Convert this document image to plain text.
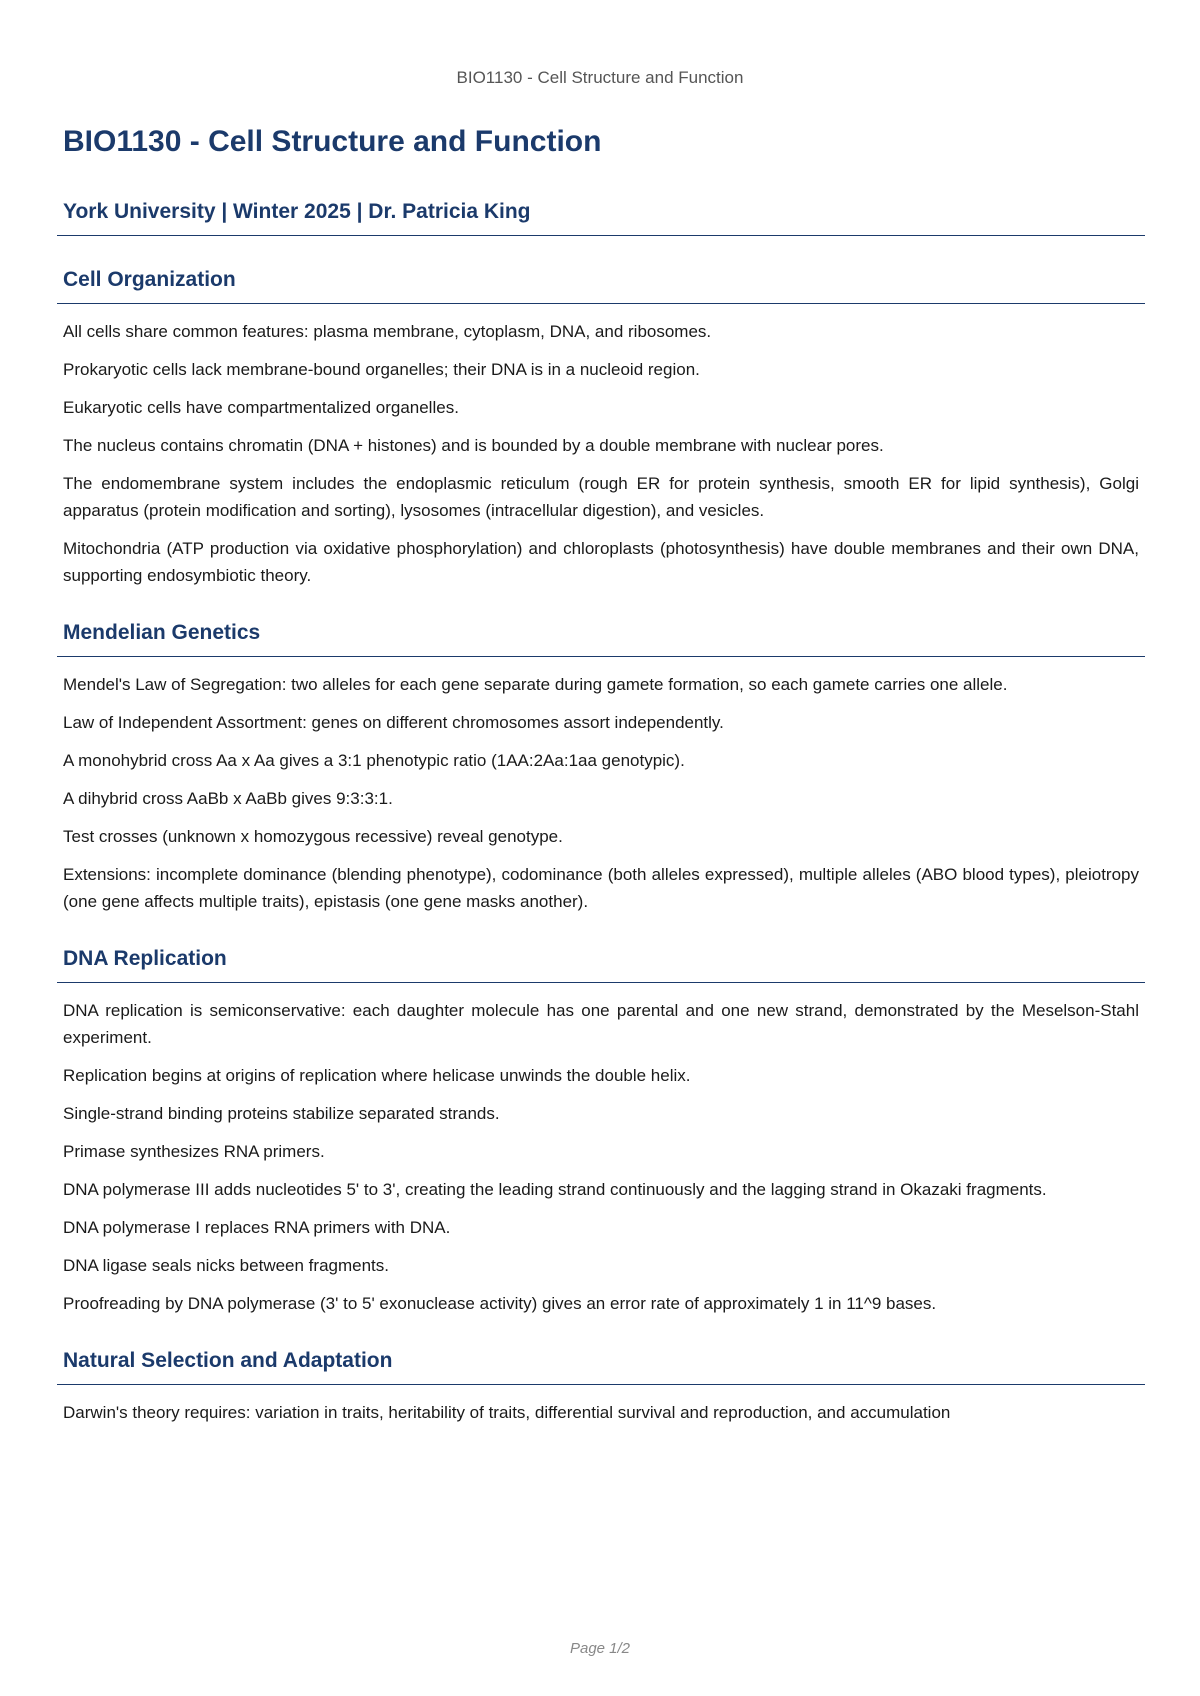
BIO1130 - Cell Structure and Function
BIO1130 - Cell Structure and Function
York University | Winter 2025 | Dr. Patricia King
Cell Organization

All cells share common features: plasma membrane, cytoplasm, DNA, and ribosomes.

Prokaryotic cells lack membrane-bound organelles; their DNA is in a nucleoid region.

Eukaryotic cells have compartmentalized organelles.

The nucleus contains chromatin (DNA + histones) and is bounded by a double membrane with nuclear pores.

The endomembrane system includes the endoplasmic reticulum (rough ER for protein synthesis, smooth ER for lipid synthesis), Golgi apparatus (protein modification and sorting), lysosomes (intracellular digestion), and vesicles.

Mitochondria (ATP production via oxidative phosphorylation) and chloroplasts (photosynthesis) have double membranes and their own DNA, supporting endosymbiotic theory.

Mendelian Genetics

Mendel's Law of Segregation: two alleles for each gene separate during gamete formation, so each gamete carries one allele.

Law of Independent Assortment: genes on different chromosomes assort independently.

A monohybrid cross Aa x Aa gives a 3:1 phenotypic ratio (1AA:2Aa:1aa genotypic).

A dihybrid cross AaBb x AaBb gives 9:3:3:1.

Test crosses (unknown x homozygous recessive) reveal genotype.

Extensions: incomplete dominance (blending phenotype), codominance (both alleles expressed), multiple alleles (ABO blood types), pleiotropy (one gene affects multiple traits), epistasis (one gene masks another).

DNA Replication

DNA replication is semiconservative: each daughter molecule has one parental and one new strand, demonstrated by the Meselson-Stahl experiment.

Replication begins at origins of replication where helicase unwinds the double helix.

Single-strand binding proteins stabilize separated strands.

Primase synthesizes RNA primers.

DNA polymerase III adds nucleotides 5' to 3', creating the leading strand continuously and the lagging strand in Okazaki fragments.

DNA polymerase I replaces RNA primers with DNA.

DNA ligase seals nicks between fragments.

Proofreading by DNA polymerase (3' to 5' exonuclease activity) gives an error rate of approximately 1 in 11^9 bases.

Natural Selection and Adaptation

Darwin's theory requires: variation in traits, heritability of traits, differential survival and reproduction, and accumulation

Page 1/2
